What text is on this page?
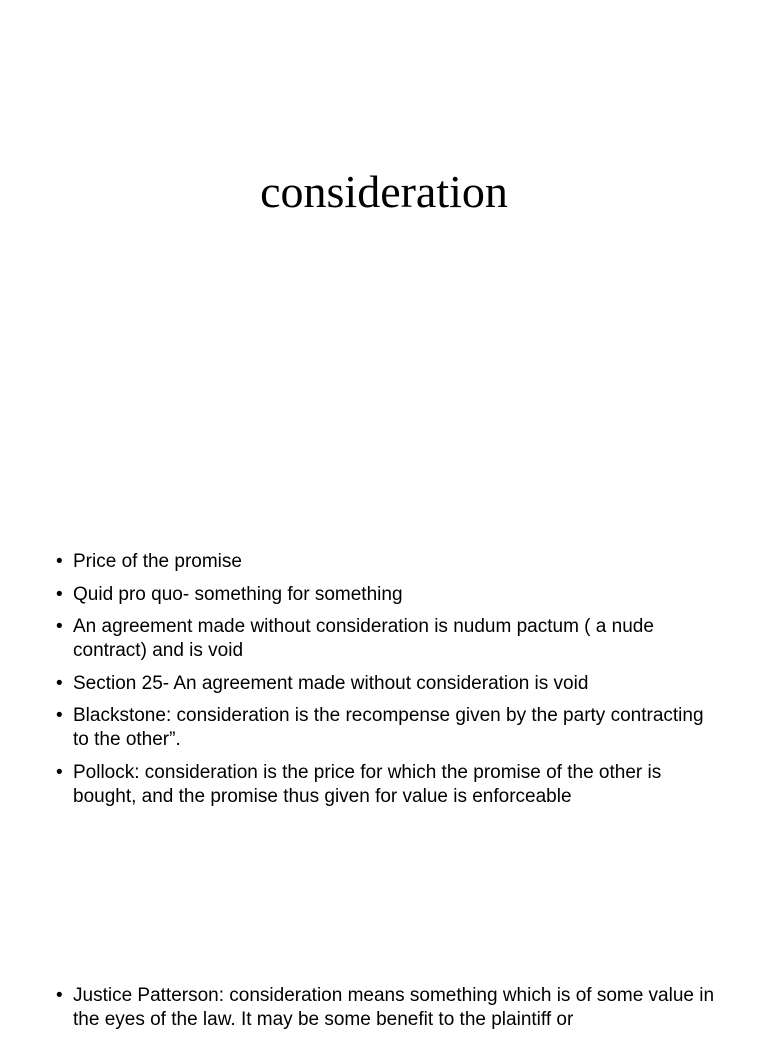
consideration
• Price of the promise
• Quid pro quo- something for something
• An agreement made without consideration is nudum pactum ( a nude contract) and is void
• Section 25- An agreement made without consideration is void
• Blackstone: consideration is the recompense given by the party contracting to the other”.
• Pollock: consideration is the price for which the promise of the other is bought, and the promise thus given for value is enforceable
• Justice Patterson: consideration means something which is of some value in the eyes of the law. It may be some benefit to the plaintiff or
